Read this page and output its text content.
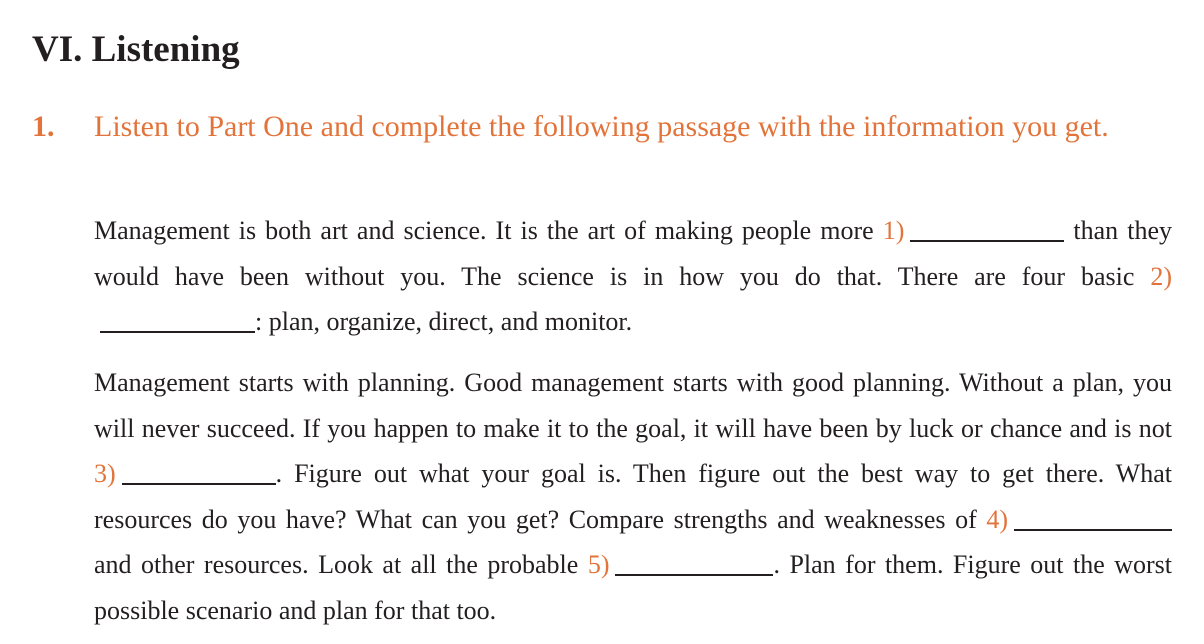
VI. Listening
1. Listen to Part One and complete the following passage with the information you get.

Management is both art and science. It is the art of making people more 1)	than they would have been without you. The science is in how you do that. There are four basic 2): plan, organize, direct, and monitor.

Management starts with planning. Good management starts with good planning. Without a plan, you will never succeed. If you happen to make it to the goal, it will have been by luck or chance and is not 3)	. Figure out what your goal is. Then figure out the best way to get there. What resources do you have? What can you get? Compare strengths and weaknesses of 4) and other resources. Look at all the probable 5)	. Plan for them. Figure out the worst possible scenario and plan for that too.
